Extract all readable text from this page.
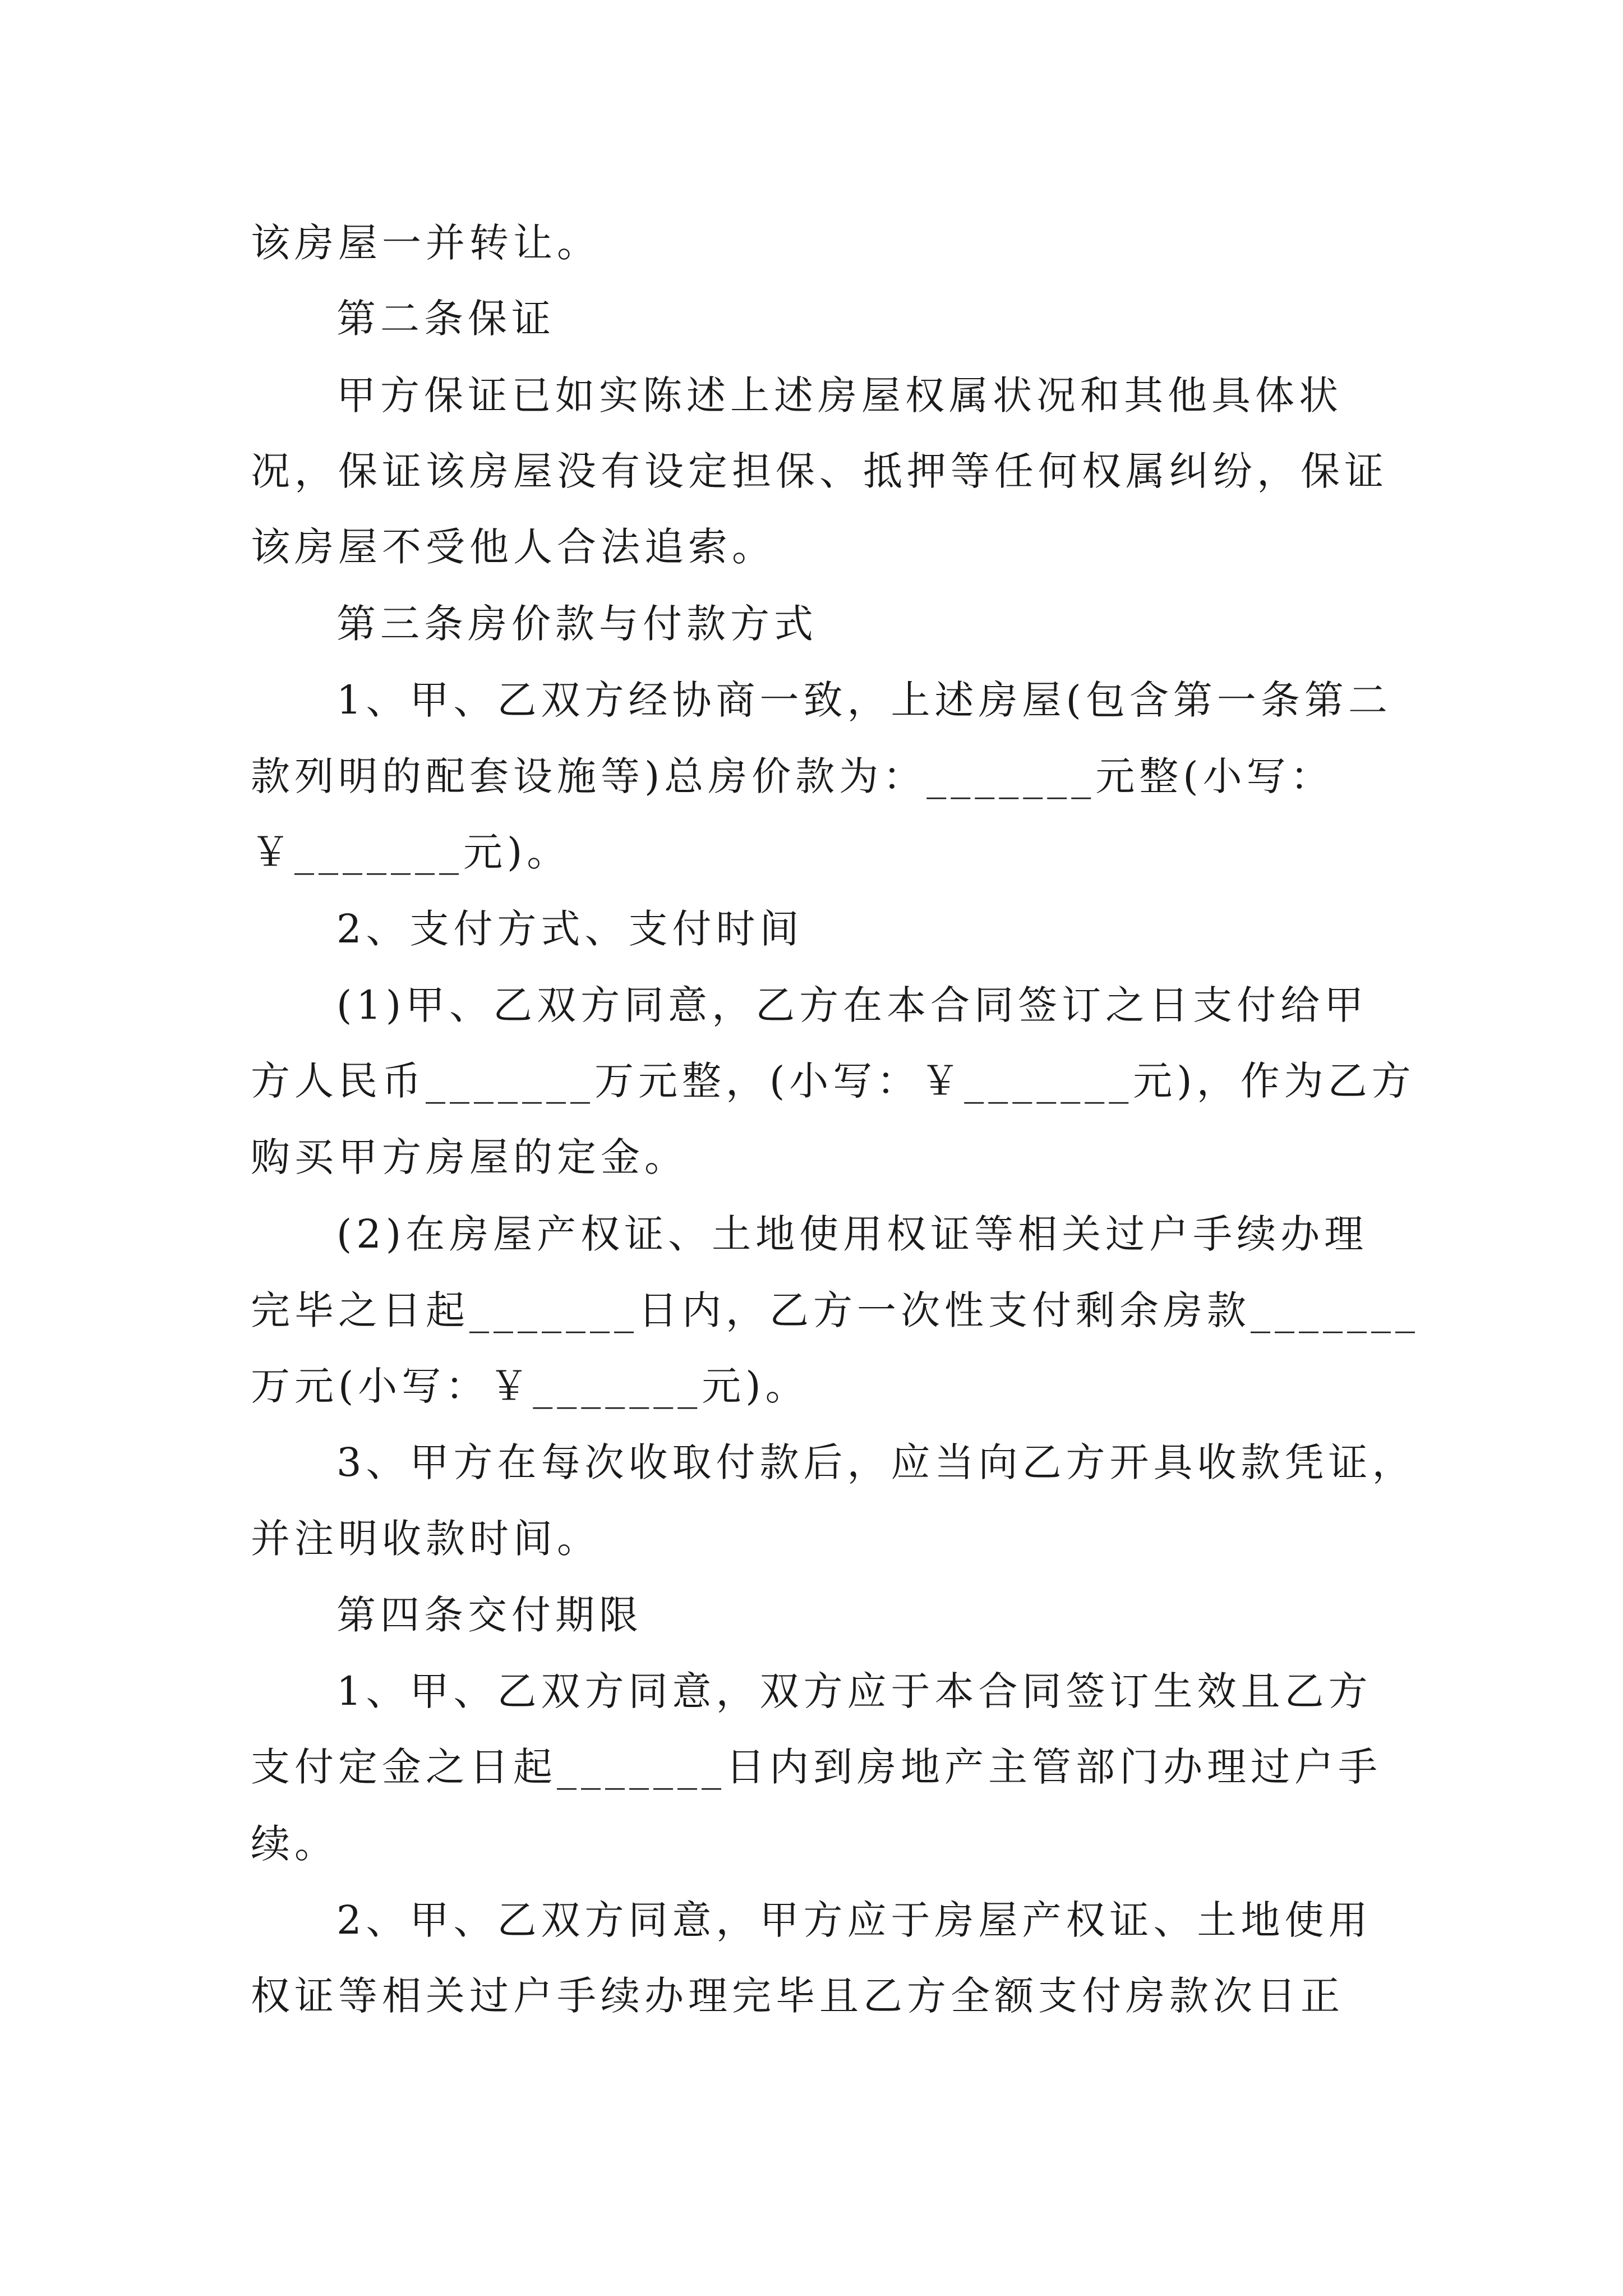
该房屋一并转让。
第二条保证
甲方保证已如实陈述上述房屋权属状况和其他具体状
况，保证该房屋没有设定担保、抵押等任何权属纠纷，保证
该房屋不受他人合法追索。
第三条房价款与付款方式
1、甲、乙双方经协商一致，上述房屋(包含第一条第二
款列明的配套设施等)总房价款为：_______元整(小写：
￥_______元)。
2、支付方式、支付时间
(1)甲、乙双方同意，乙方在本合同签订之日支付给甲
方人民币_______万元整，(小写：￥_______元)，作为乙方
购买甲方房屋的定金。
(2)在房屋产权证、土地使用权证等相关过户手续办理
完毕之日起_______日内，乙方一次性支付剩余房款_______
万元(小写：￥_______元)。
3、甲方在每次收取付款后，应当向乙方开具收款凭证，
并注明收款时间。
第四条交付期限
1、甲、乙双方同意，双方应于本合同签订生效且乙方
支付定金之日起_______日内到房地产主管部门办理过户手
续。
2、甲、乙双方同意，甲方应于房屋产权证、土地使用
权证等相关过户手续办理完毕且乙方全额支付房款次日正
